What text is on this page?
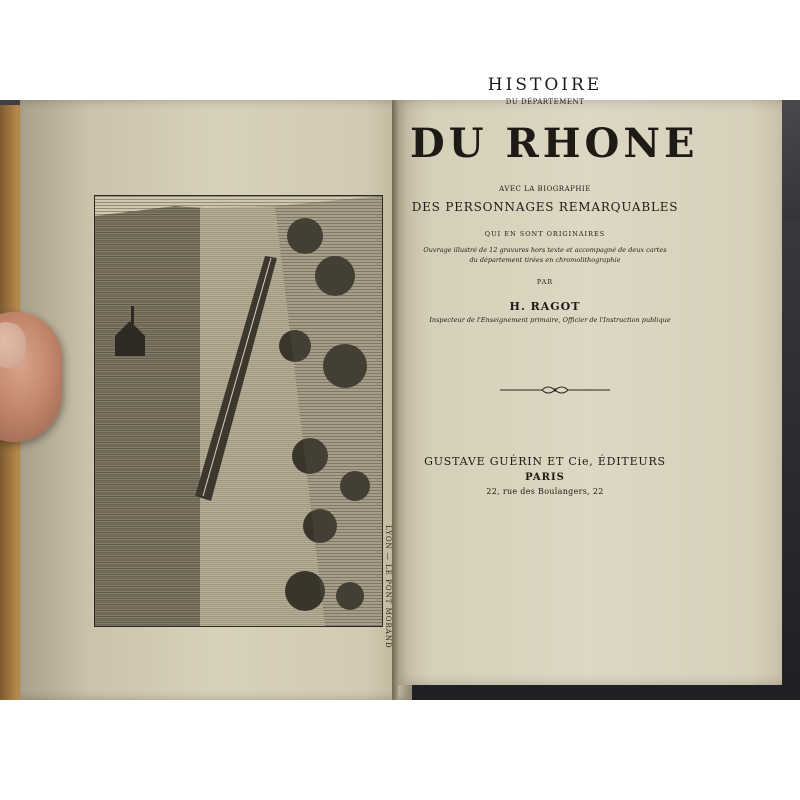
LYON — LE PONT MORAND
HISTOIRE
DU DÉPARTEMENT
DU RHONE
AVEC LA BIOGRAPHIE
DES PERSONNAGES REMARQUABLES
QUI EN SONT ORIGINAIRES
Ouvrage illustré de 12 gravures hors texte et accompagné de deux cartes
du département tirées en chromolithographie
PAR
H. RAGOT
Inspecteur de l'Enseignement primaire, Officier de l'Instruction publique
GUSTAVE GUÉRIN ET Cie, ÉDITEURS
PARIS
22, rue des Boulangers, 22
